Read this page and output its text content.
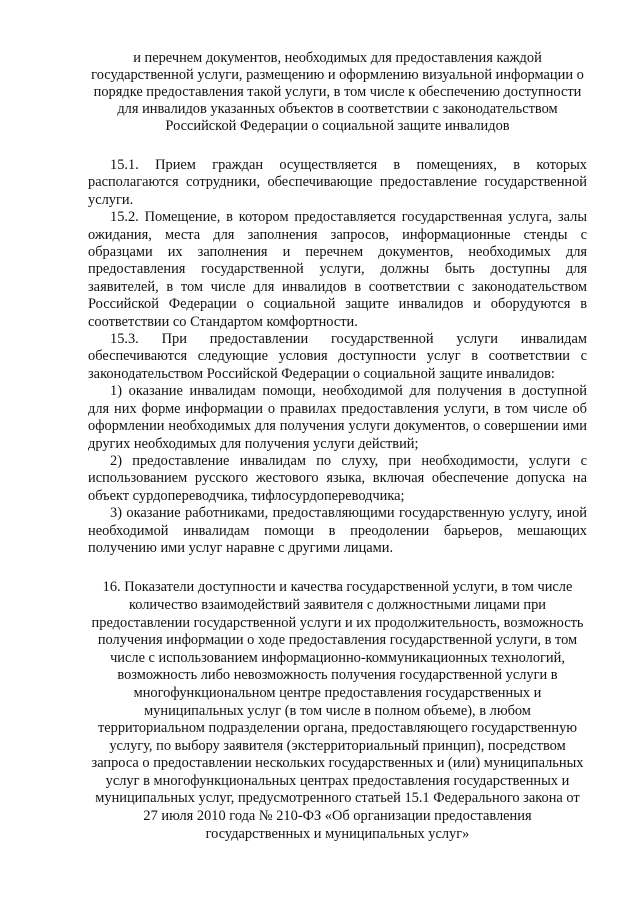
и перечнем документов, необходимых для предоставления каждой
государственной услуги, размещению и оформлению визуальной информации о
порядке предоставления такой услуги, в том числе к обеспечению доступности
для инвалидов указанных объектов в соответствии с законодательством
Российской Федерации о социальной защите инвалидов

15.1. Прием граждан осуществляется в помещениях, в которых располагаются сотрудники, обеспечивающие предоставление государственной услуги.

15.2. Помещение, в котором предоставляется государственная услуга, залы ожидания, места для заполнения запросов, информационные стенды с образцами их заполнения и перечнем документов, необходимых для предоставления государственной услуги, должны быть доступны для заявителей, в том числе для инвалидов в соответствии с законодательством Российской Федерации о социальной защите инвалидов и оборудуются в соответствии со Стандартом комфортности.

15.3. При предоставлении государственной услуги инвалидам обеспечиваются следующие условия доступности услуг в соответствии с законодательством Российской Федерации о социальной защите инвалидов:

1) оказание инвалидам помощи, необходимой для получения в доступной для них форме информации о правилах предоставления услуги, в том числе об оформлении необходимых для получения услуги документов, о совершении ими других необходимых для получения услуги действий;

2) предоставление инвалидам по слуху, при необходимости, услуги с использованием русского жестового языка, включая обеспечение допуска на объект сурдопереводчика, тифлосурдопереводчика;

3) оказание работниками, предоставляющими государственную услугу, иной необходимой инвалидам помощи в преодолении барьеров, мешающих получению ими услуг наравне с другими лицами.

16. Показатели доступности и качества государственной услуги, в том числе
количество взаимодействий заявителя с должностными лицами при
предоставлении государственной услуги и их продолжительность, возможность
получения информации о ходе предоставления государственной услуги, в том
числе с использованием информационно-коммуникационных технологий,
возможность либо невозможность получения государственной услуги в
многофункциональном центре предоставления государственных и
муниципальных услуг (в том числе в полном объеме), в любом
территориальном подразделении органа, предоставляющего государственную
услугу, по выбору заявителя (экстерриториальный принцип), посредством
запроса о предоставлении нескольких государственных и (или) муниципальных
услуг в многофункциональных центрах предоставления государственных и
муниципальных услуг, предусмотренного статьей 15.1 Федерального закона от
27 июля 2010 года № 210-ФЗ «Об организации предоставления
государственных и муниципальных услуг»
